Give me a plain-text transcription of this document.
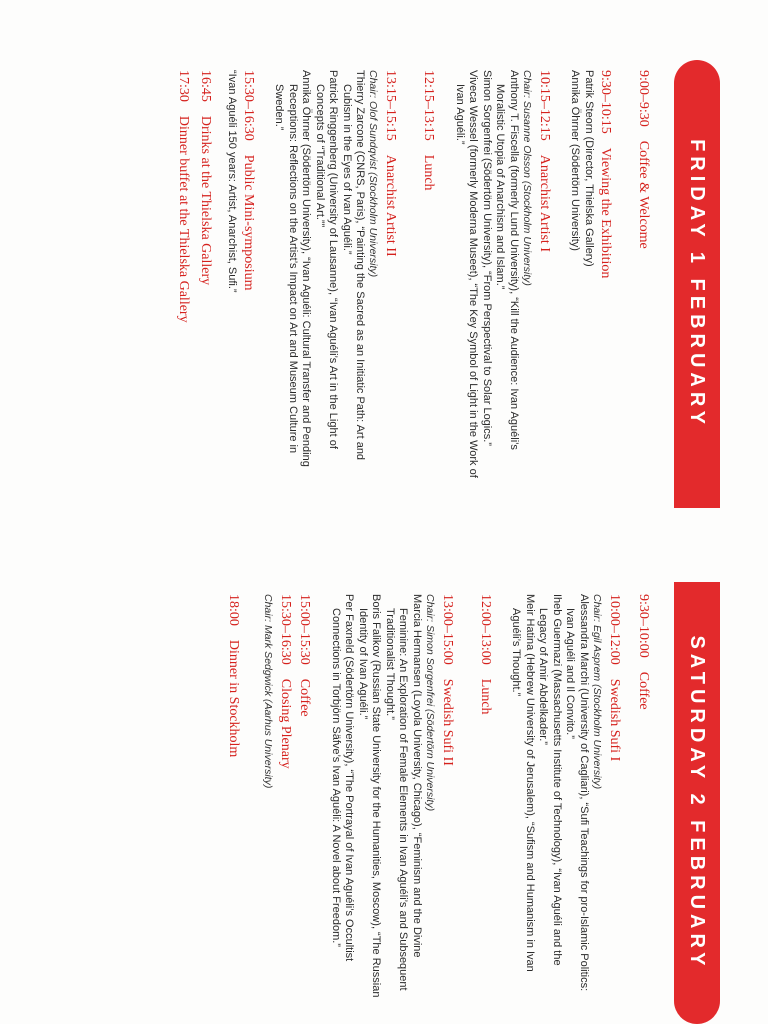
FRIDAY 1 FEBRUARY
9:00–9:30Coffee & Welcome
9:30–10:15Viewing the Exhibition
Patrik Steorn (Director, Thielska Gallery)
Annika Öhrner (Södertörn University)
10:15–12:15Anarchist Artist I
Chair: Susanne Olsson (Stockholm University)
Anthony T. Fiscella (formerly Lund University), “Kill the Audience: Ivan Aguéli’s Moralistic Utopia of Anarchism and Islam.”
Simon Sorgenfrei (Södertörn University), “From Perspectival to Solar Logics.”
Viveca Wessel (formerly Moderna Museet), “The Key Symbol of Light in the Work of Ivan Aguéli.”
12:15–13:15Lunch
13:15–15:15Anarchist Artist II
Chair: Olof Sundqvist (Stockholm University)
Thierry Zarcone (CNRS, Paris), “Painting the Sacred as an Initiatic Path: Art and Cubism in the Eyes of Ivan Aguéli.”
Patrick Ringgenberg (University of Lausanne), “Ivan Aguéli’s Art in the Light of Concepts of “Traditional Art.””
Annika Öhrner (Södertörn University), “Ivan Aguéli: Cultural Transfer and Pending Receptions: Reflections on the Artist’s Impact on Art and Museum Culture in Sweden.”
15:30–16:30Public Mini-symposium
“Ivan Aguéli 150 years: Artist, Anarchist, Sufi.”
16:45Drinks at the Thielska Gallery
17:30Dinner buffet at the Thielska Gallery
SATURDAY 2 FEBRUARY
9:30–10:00Coffee
10:00–12:00Swedish Sufi I
Chair: Egil Asprem (Stockholm University)
Alessandra Marchi (University of Cagliari), “Sufi Teachings for pro-Islamic Politics: Ivan Aguéli and Il Convito.”
Iheb Guermazi (Massachusetts Institute of Technology), “Ivan Aguéli and the Legacy of Amir Abdelkader.”
Meir Hatina (Hebrew University of Jerusalem), “Sufism and Humanism in Ivan Aguéli’s Thought.”
12:00–13:00Lunch
13:00–15:00Swedish Sufi II
Chair: Simon Sorgenfrei (Södertörn University)
Marcia Hermansen (Loyola University, Chicago), “Feminism and the Divine Feminine: An Exploration of Female Elements in Ivan Aguéli’s and Subsequent Traditionalist Thought.”
Boris Falikov (Russian State University for the Humanities, Moscow), “The Russian Identity of Ivan Aguéli.”
Per Faxneld (Södertörn University), “The Portrayal of Ivan Aguéli’s Occultist Connections in Torbjörn Säfve’s Ivan Aguéli: A Novel about Freedom.”
15:00–15:30Coffee
15:30–16:30Closing Plenary
Chair: Mark Sedgwick (Aarhus University)
18:00Dinner in Stockholm
